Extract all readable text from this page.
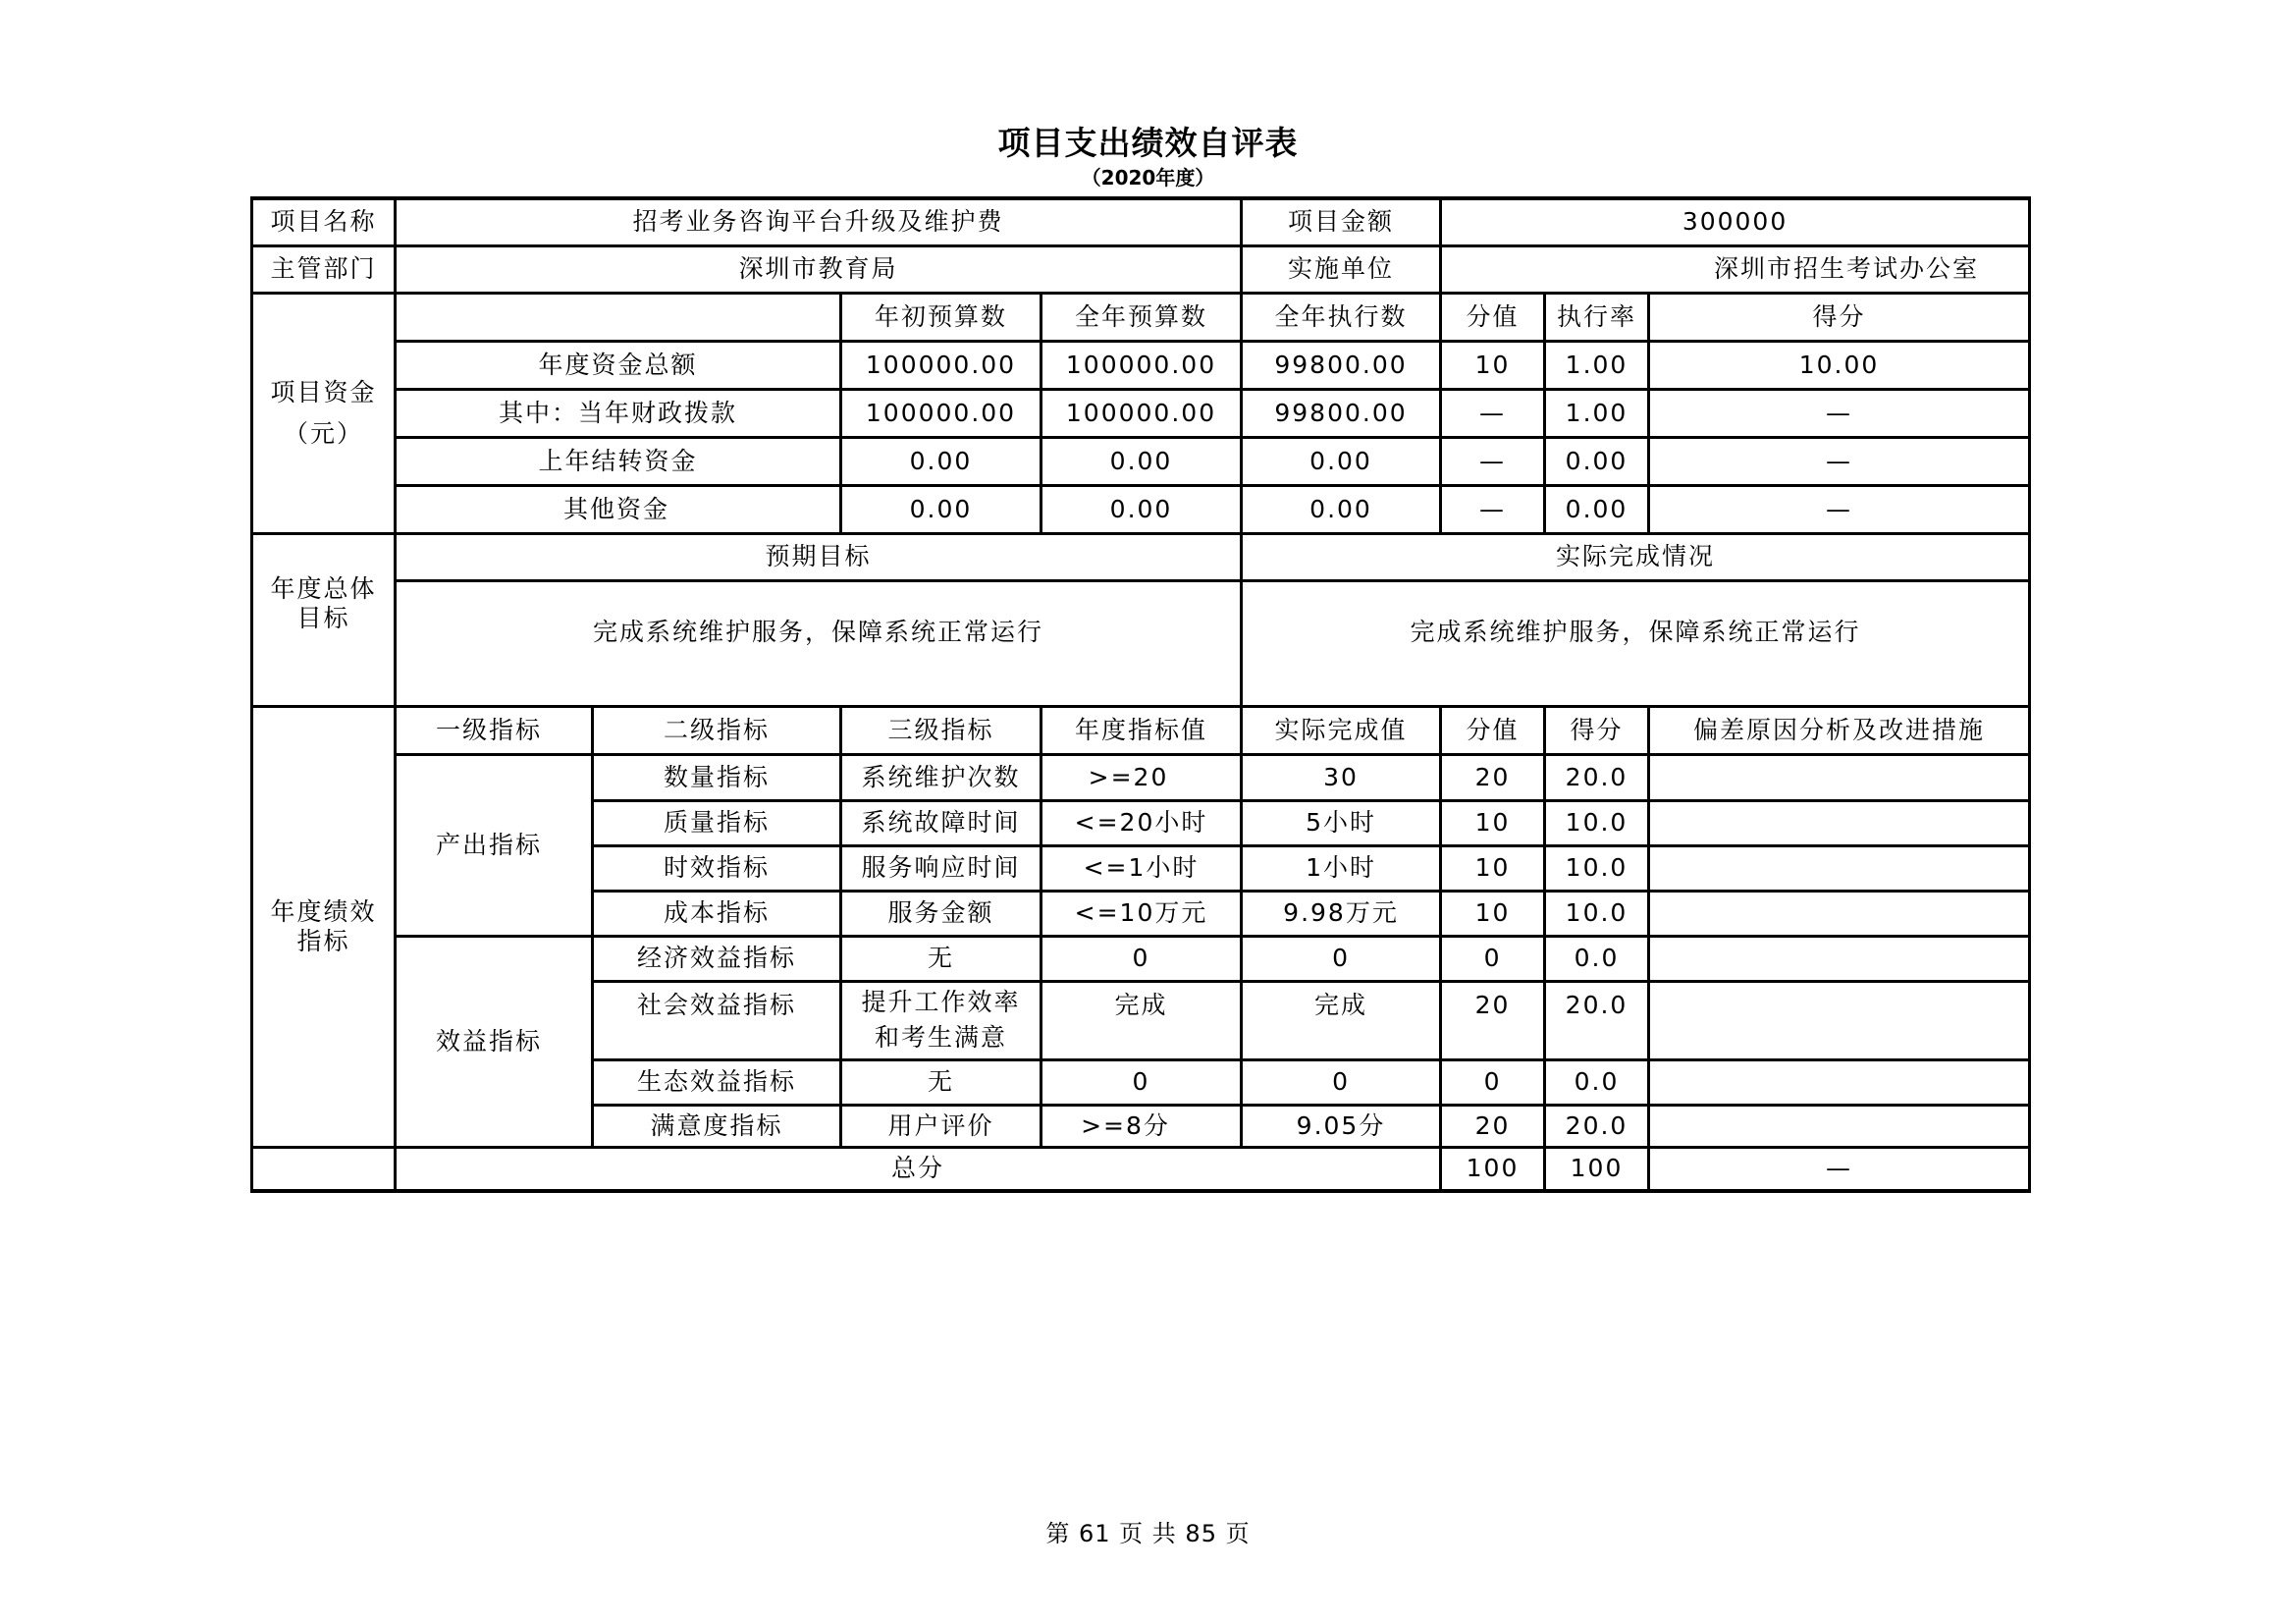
项目支出绩效自评表
（2020年度）
项目名称	招考业务咨询平台升级及维护费				项目金额	300000		
主管部门	深圳市教育局				实施单位	深圳市招生考试办公室		

项目资金
（元）			年初预算数	全年预算数	全年执行数	分值	执行率	得分
	年度资金总额		100000.00	100000.00	99800.00	10	1.00	10.00
	其中：当年财政拨款		100000.00	100000.00	99800.00	—	1.00	—
	上年结转资金		0.00	0.00	0.00	—	0.00	—
	其他资金		0.00	0.00	0.00	—	0.00	—

年度总体
目标	预期目标				实际完成情况			
	完成系统维护服务，保障系统正常运行				完成系统维护服务，保障系统正常运行			

年度绩效
指标	一级指标	二级指标	三级指标	年度指标值	实际完成值	分值	得分	偏差原因分析及改进措施
	产出指标	数量指标	系统维护次数	>=20	30	20	20.0	
		质量指标	系统故障时间	<=20小时	5小时	10	10.0	
		时效指标	服务响应时间	<=1小时	1小时	10	10.0	
		成本指标	服务金额	<=10万元	9.98万元	10	10.0	
	效益指标	经济效益指标	无	0	0	0	0.0	
		社会效益指标	提升工作效率和考生满意	完成	完成	20	20.0	
		生态效益指标	无	0	0	0	0.0	
		满意度指标	用户评价	>=8分	9.05分	20	20.0	
	总分					100	100	—
第 61 页 共 85 页
